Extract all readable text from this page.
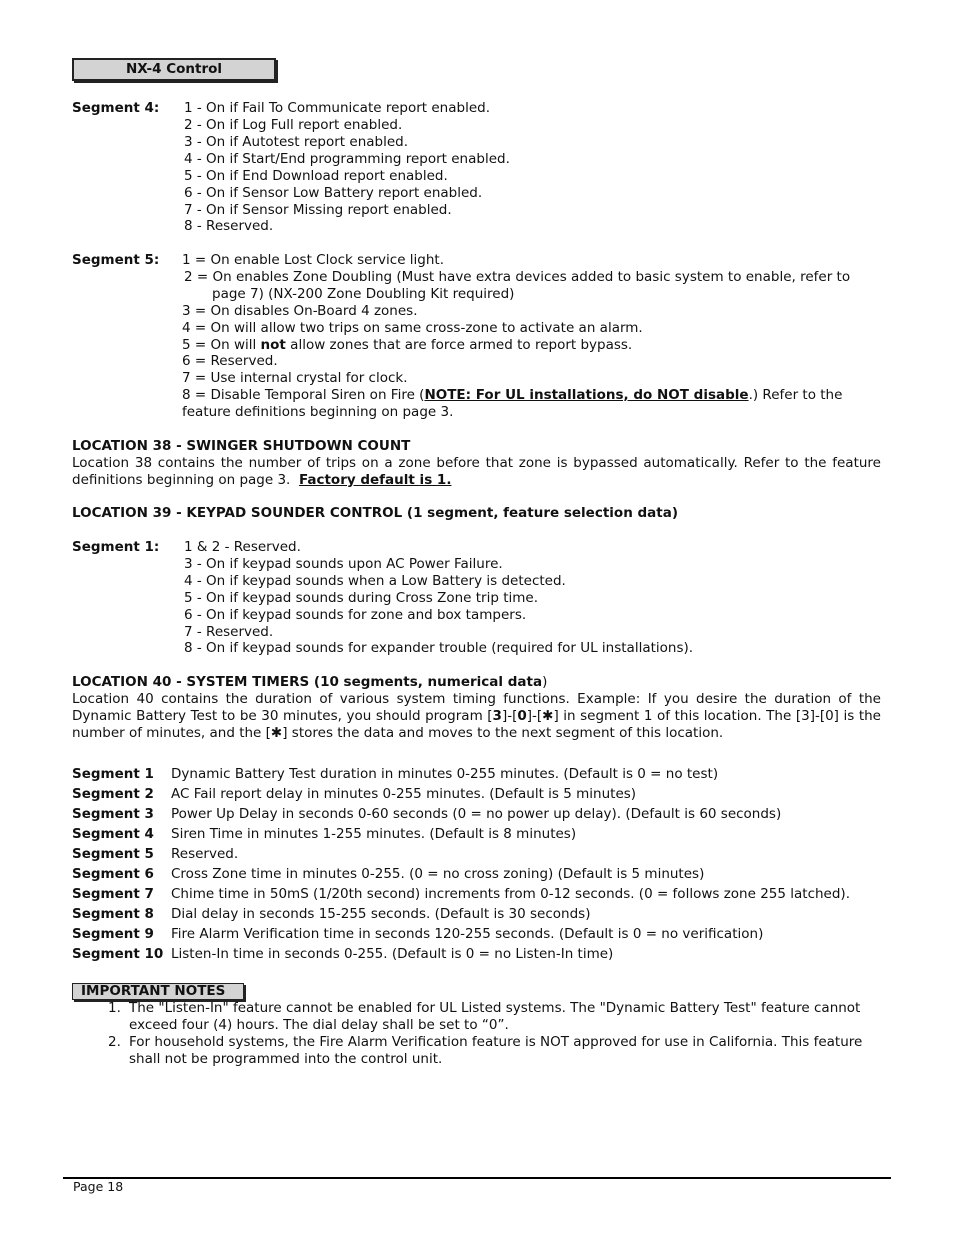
NX-4 Control
Segment 4: 1 - On if Fail To Communicate report enabled.
2 - On if Log Full report enabled.
3 - On if Autotest report enabled.
4 - On if Start/End programming report enabled.
5 - On if End Download report enabled.
6 - On if Sensor Low Battery report enabled.
7 - On if Sensor Missing report enabled.
8 - Reserved.
Segment 5: 1 = On enable Lost Clock service light.
2 = On enables Zone Doubling (Must have extra devices added to basic system to enable, refer to
page 7) (NX-200 Zone Doubling Kit required)
3 = On disables On-Board 4 zones.
4 = On will allow two trips on same cross-zone to activate an alarm.
5 = On will not allow zones that are force armed to report bypass.
6 = Reserved.
7 = Use internal crystal for clock.
8 = Disable Temporal Siren on Fire (NOTE: For UL installations, do NOT disable.) Refer to the
feature definitions beginning on page 3.
LOCATION 38 - SWINGER SHUTDOWN COUNT
Location 38 contains the number of trips on a zone before that zone is bypassed automatically. Refer to the feature definitions beginning on page 3. Factory default is 1.
LOCATION 39 - KEYPAD SOUNDER CONTROL (1 segment, feature selection data)
Segment 1: 1 & 2 - Reserved.
3 - On if keypad sounds upon AC Power Failure.
4 - On if keypad sounds when a Low Battery is detected.
5 - On if keypad sounds during Cross Zone trip time.
6 - On if keypad sounds for zone and box tampers.
7 - Reserved.
8 - On if keypad sounds for expander trouble (required for UL installations).
LOCATION 40 - SYSTEM TIMERS (10 segments, numerical data)
Location 40 contains the duration of various system timing functions. Example: If you desire the duration of the Dynamic Battery Test to be 30 minutes, you should program [3]-[0]-[✱] in segment 1 of this location. The [3]-[0] is the number of minutes, and the [✱] stores the data and moves to the next segment of this location.
Segment 1 Dynamic Battery Test duration in minutes 0-255 minutes. (Default is 0 = no test)
Segment 2 AC Fail report delay in minutes 0-255 minutes. (Default is 5 minutes)
Segment 3 Power Up Delay in seconds 0-60 seconds (0 = no power up delay). (Default is 60 seconds)
Segment 4 Siren Time in minutes 1-255 minutes. (Default is 8 minutes)
Segment 5 Reserved.
Segment 6 Cross Zone time in minutes 0-255. (0 = no cross zoning) (Default is 5 minutes)
Segment 7 Chime time in 50mS (1/20th second) increments from 0-12 seconds. (0 = follows zone 255 latched).
Segment 8 Dial delay in seconds 15-255 seconds. (Default is 30 seconds)
Segment 9 Fire Alarm Verification time in seconds 120-255 seconds. (Default is 0 = no verification)
Segment 10 Listen-In time in seconds 0-255. (Default is 0 = no Listen-In time)
IMPORTANT NOTES
1. The "Listen-In" feature cannot be enabled for UL Listed systems. The "Dynamic Battery Test" feature cannot
exceed four (4) hours. The dial delay shall be set to “0”.
2. For household systems, the Fire Alarm Verification feature is NOT approved for use in California. This feature
shall not be programmed into the control unit.
Page 18
